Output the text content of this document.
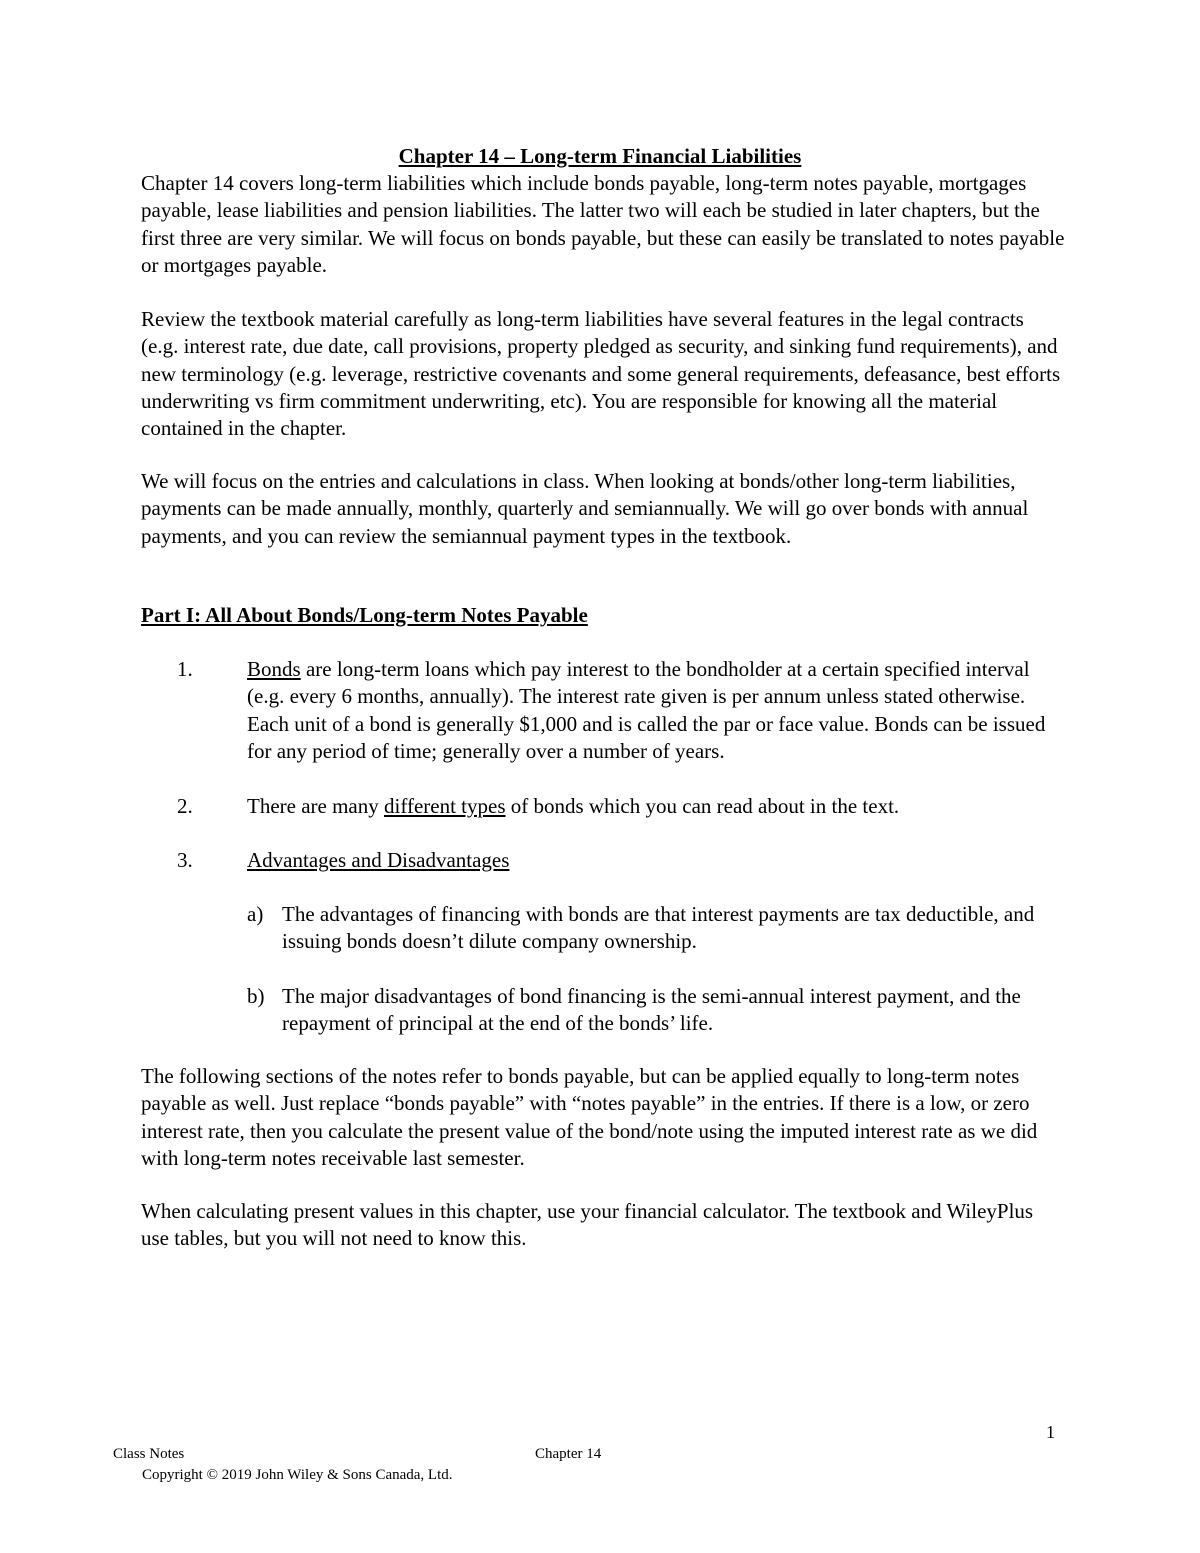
Chapter 14 – Long-term Financial Liabilities

Chapter 14 covers long-term liabilities which include bonds payable, long-term notes payable, mortgages payable, lease liabilities and pension liabilities. The latter two will each be studied in later chapters, but the first three are very similar. We will focus on bonds payable, but these can easily be translated to notes payable or mortgages payable.

Review the textbook material carefully as long-term liabilities have several features in the legal contracts (e.g. interest rate, due date, call provisions, property pledged as security, and sinking fund requirements), and new terminology (e.g. leverage, restrictive covenants and some general requirements, defeasance, best efforts underwriting vs firm commitment underwriting, etc). You are responsible for knowing all the material contained in the chapter.

We will focus on the entries and calculations in class. When looking at bonds/other long-term liabilities, payments can be made annually, monthly, quarterly and semiannually. We will go over bonds with annual payments, and you can review the semiannual payment types in the textbook.

Part I: All About Bonds/Long-term Notes Payable
1.	Bonds are long-term loans which pay interest to the bondholder at a certain specified interval (e.g. every 6 months, annually). The interest rate given is per annum unless stated otherwise. Each unit of a bond is generally $1,000 and is called the par or face value. Bonds can be issued for any period of time; generally over a number of years.
2.	There are many different types of bonds which you can read about in the text.
3.	Advantages and Disadvantages
a) The advantages of financing with bonds are that interest payments are tax deductible, and issuing bonds doesn’t dilute company ownership.
b) The major disadvantages of bond financing is the semi-annual interest payment, and the repayment of principal at the end of the bonds’ life.

The following sections of the notes refer to bonds payable, but can be applied equally to long-term notes payable as well. Just replace “bonds payable” with “notes payable” in the entries. If there is a low, or zero interest rate, then you calculate the present value of the bond/note using the imputed interest rate as we did with long-term notes receivable last semester.

When calculating present values in this chapter, use your financial calculator. The textbook and WileyPlus use tables, but you will not need to know this.

1
Class Notes	Chapter 14
Copyright © 2019 John Wiley & Sons Canada, Ltd.
